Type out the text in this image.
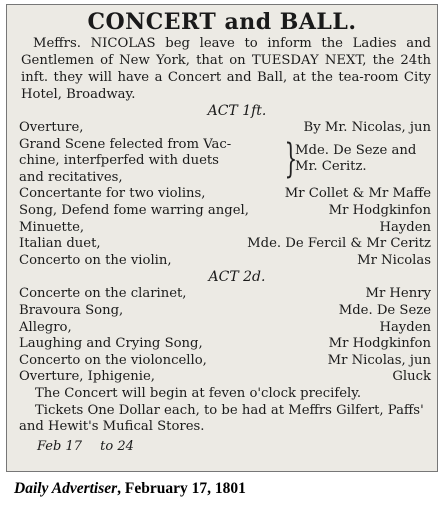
CONCERT and BALL.
Meffrs. NICOLAS beg leave to inform the Ladies and Gentlemen of New York, that on TUESDAY NEXT, the 24th inft. they will have a Concert and Ball, at the tea-room City Hotel, Broadway.
ACT 1ft.
Overture,	By Mr. Nicolas, jun
Grand Scene felected from Vac-
chine, interfperfed with duets
and recitatives,	}
Mde. De Seze and
Mr. Ceritz.
Concertante for two violins,	Mr Collet & Mr Maffe
Song, Defend fome warring angel,	Mr Hodgkinfon
Minuette,	Hayden
Italian duet,	Mde. De Fercil & Mr Ceritz
Concerto on the violin,	Mr Nicolas
ACT 2d.
Concerte on the clarinet,	Mr Henry
Bravoura Song,	Mde. De Seze
Allegro,	Hayden
Laughing and Crying Song,	Mr Hodgkinfon
Concerto on the violoncello,	Mr Nicolas, jun
Overture, Iphigenie,	Gluck
The Concert will begin at feven o'clock precifely.
Tickets One Dollar each, to be had at Meffrs Gilfert, Paffs' and Hewit's Mufical Stores.
Feb 17 to 24
Daily Advertiser, February 17, 1801
